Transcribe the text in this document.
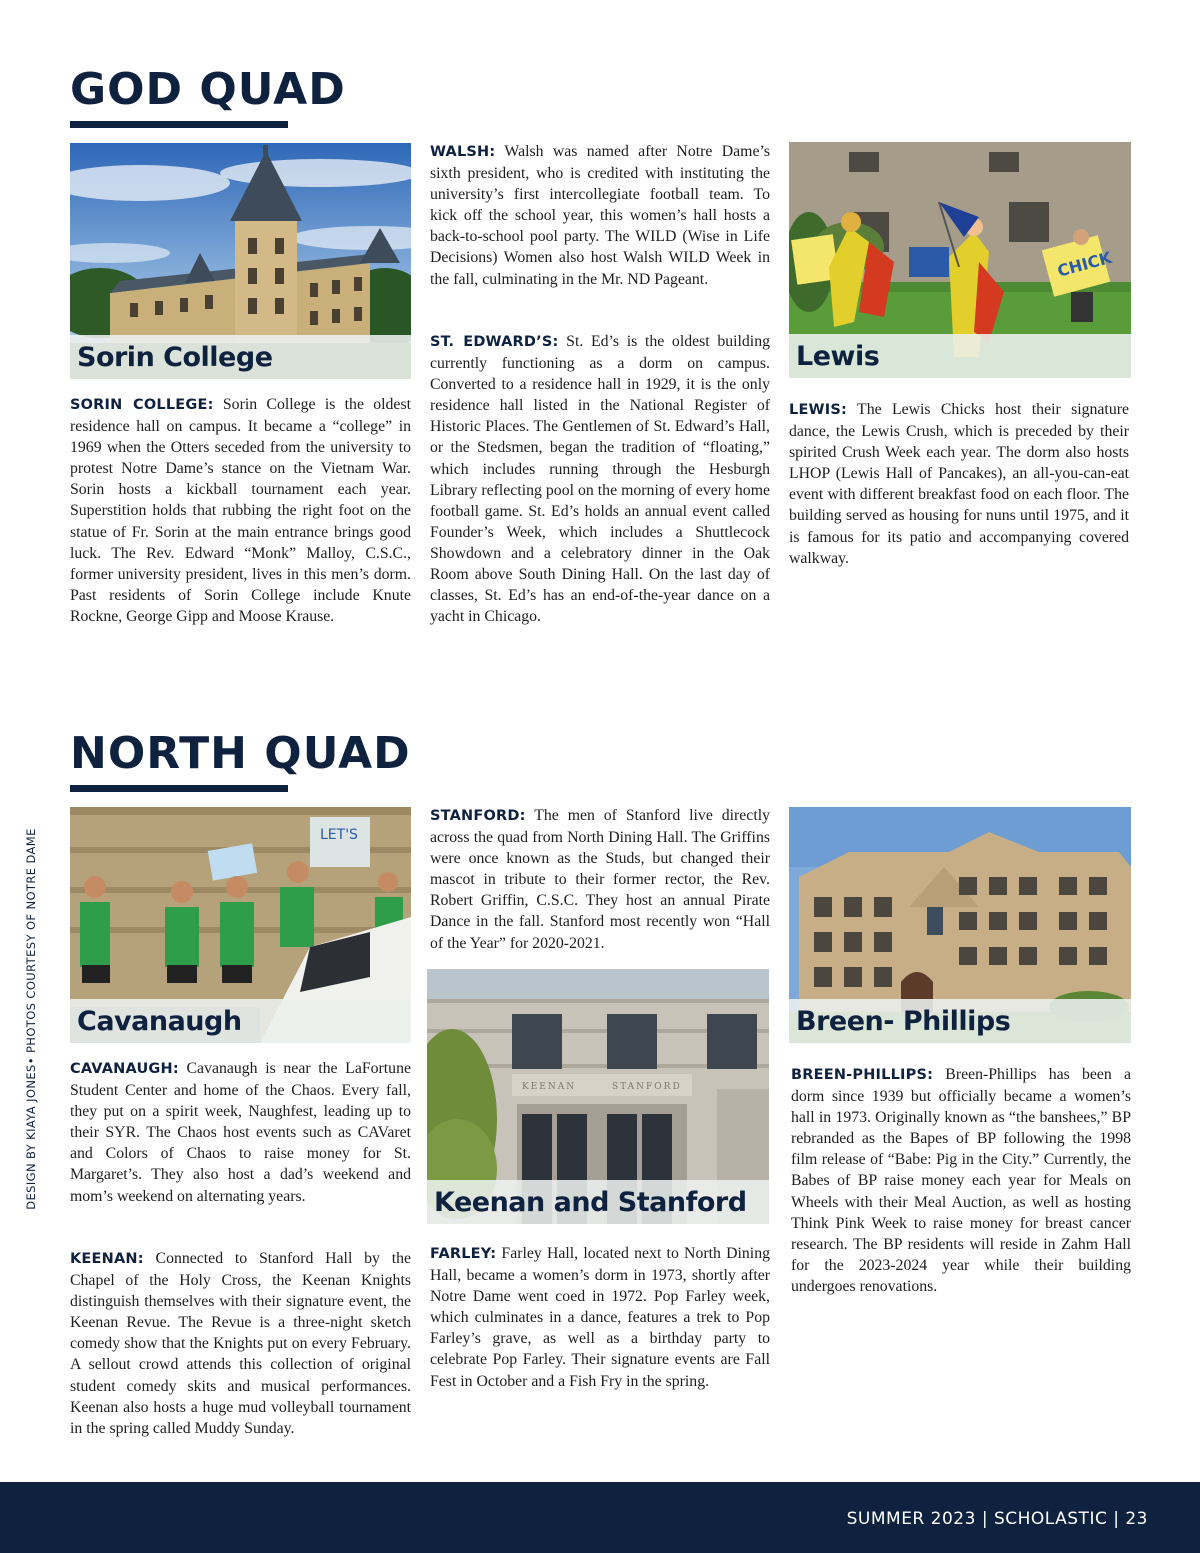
GOD QUAD
Sorin College
SORIN COLLEGE: Sorin College is the oldest residence hall on campus. It became a “college” in 1969 when the Otters seceded from the university to protest Notre Dame’s stance on the Vietnam War. Sorin hosts a kickball tournament each year. Superstition holds that rubbing the right foot on the statue of Fr. Sorin at the main entrance brings good luck. The Rev. Edward “Monk” Malloy, C.S.C., former university president, lives in this men’s dorm. Past residents of Sorin College include Knute Rockne, George Gipp and Moose Krause.
WALSH: Walsh was named after Notre Dame’s sixth president, who is credited with instituting the university’s first intercollegiate football team. To kick off the school year, this women’s hall hosts a back-to-school pool party. The WILD (Wise in Life Decisions) Women also host Walsh WILD Week in the fall, culminating in the Mr. ND Pageant.
ST. EDWARD’S: St. Ed’s is the oldest building currently functioning as a dorm on campus. Converted to a residence hall in 1929, it is the only residence hall listed in the National Register of Historic Places. The Gentlemen of St. Edward’s Hall, or the Stedsmen, began the tradition of “floating,” which includes running through the Hesburgh Library reflecting pool on the morning of every home football game. St. Ed’s holds an annual event called Founder’s Week, which includes a Shuttlecock Showdown and a celebratory dinner in the Oak Room above South Dining Hall. On the last day of classes, St. Ed’s has an end-of-the-year dance on a yacht in Chicago.
CHICK
Lewis
LEWIS: The Lewis Chicks host their signature dance, the Lewis Crush, which is preceded by their spirited Crush Week each year. The dorm also hosts LHOP (Lewis Hall of Pancakes), an all-you-can-eat event with different breakfast food on each floor. The building served as housing for nuns until 1975, and it is famous for its patio and accompanying covered walkway.
NORTH QUAD
LET'S
Cavanaugh
CAVANAUGH: Cavanaugh is near the LaFortune Student Center and home of the Chaos. Every fall, they put on a spirit week, Naughfest, leading up to their SYR. The Chaos host events such as CAVaret and Colors of Chaos to raise money for St. Margaret’s. They also host a dad’s weekend and mom’s weekend on alternating years.
KEENAN: Connected to Stanford Hall by the Chapel of the Holy Cross, the Keenan Knights distinguish themselves with their signature event, the Keenan Revue. The Revue is a three-night sketch comedy show that the Knights put on every February. A sellout crowd attends this collection of original student comedy skits and musical performances. Keenan also hosts a huge mud volleyball tournament in the spring called Muddy Sunday.
STANFORD: The men of Stanford live directly across the quad from North Dining Hall. The Griffins were once known as the Studs, but changed their mascot in tribute to their former rector, the Rev. Robert Griffin, C.S.C. They host an annual Pirate Dance in the fall. Stanford most recently won “Hall of the Year” for 2020-2021.
KEENAN	STANFORD
Keenan and Stanford
FARLEY: Farley Hall, located next to North Dining Hall, became a women’s dorm in 1973, shortly after Notre Dame went coed in 1972. Pop Farley week, which culminates in a dance, features a trek to Pop Farley’s grave, as well as a birthday party to celebrate Pop Farley. Their signature events are Fall Fest in October and a Fish Fry in the spring.
Breen- Phillips
BREEN-PHILLIPS: Breen-Phillips has been a dorm since 1939 but officially became a women’s hall in 1973. Originally known as “the banshees,” BP rebranded as the Bapes of BP following the 1998 film release of “Babe: Pig in the City.” Currently, the Babes of BP raise money each year for Meals on Wheels with their Meal Auction, as well as hosting Think Pink Week to raise money for breast cancer research. The BP residents will reside in Zahm Hall for the 2023-2024 year while their building undergoes renovations.
DESIGN BY KIAYA JONES• PHOTOS COURTESY OF NOTRE DAME
SUMMER 2023 | SCHOLASTIC | 23
